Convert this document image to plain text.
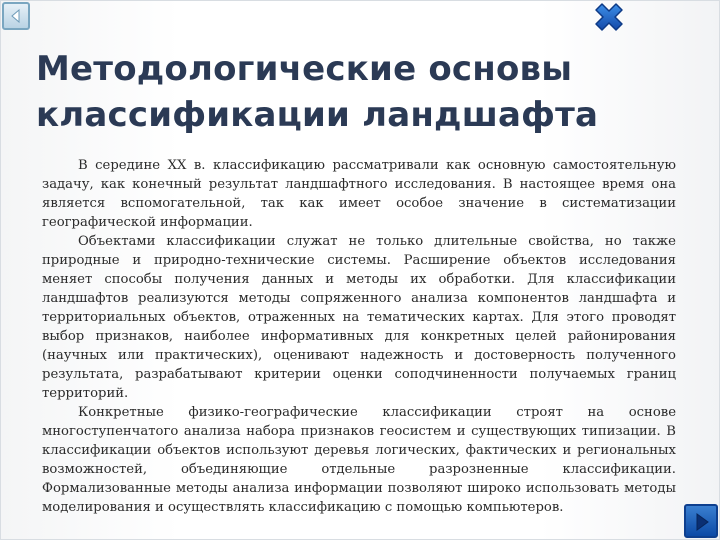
Методологические основы
классификации ландшафта

В середине XX в. классификацию рассматривали как основную самостоятельную задачу, как конечный результат ландшафтного исследования. В настоящее время она является вспомогательной, так как имеет особое значение в систематизации географической информации.

Объектами классификации служат не только длительные свойства, но также природные и природно-технические системы. Расширение объектов исследования меняет способы получения данных и методы их обработки. Для классификации ландшафтов реализуются методы сопряженного анализа компонентов ландшафта и территориальных объектов, отраженных на тематических картах. Для этого проводят выбор признаков, наиболее информативных для конкретных целей районирования (научных или практических), оценивают надежность и достоверность полученного результата, разрабатывают критерии оценки соподчиненности получаемых границ территорий.

Конкретные физико-географические классификации строят на основе многоступенчатого анализа набора признаков геосистем и существующих типизации. В классификации объектов используют деревья логических, фактических и региональных возможностей, объединяющие отдельные разрозненные классификации. Формализованные методы анализа информации позволяют широко использовать методы моделирования и осуществлять классификацию с помощью компьютеров.
